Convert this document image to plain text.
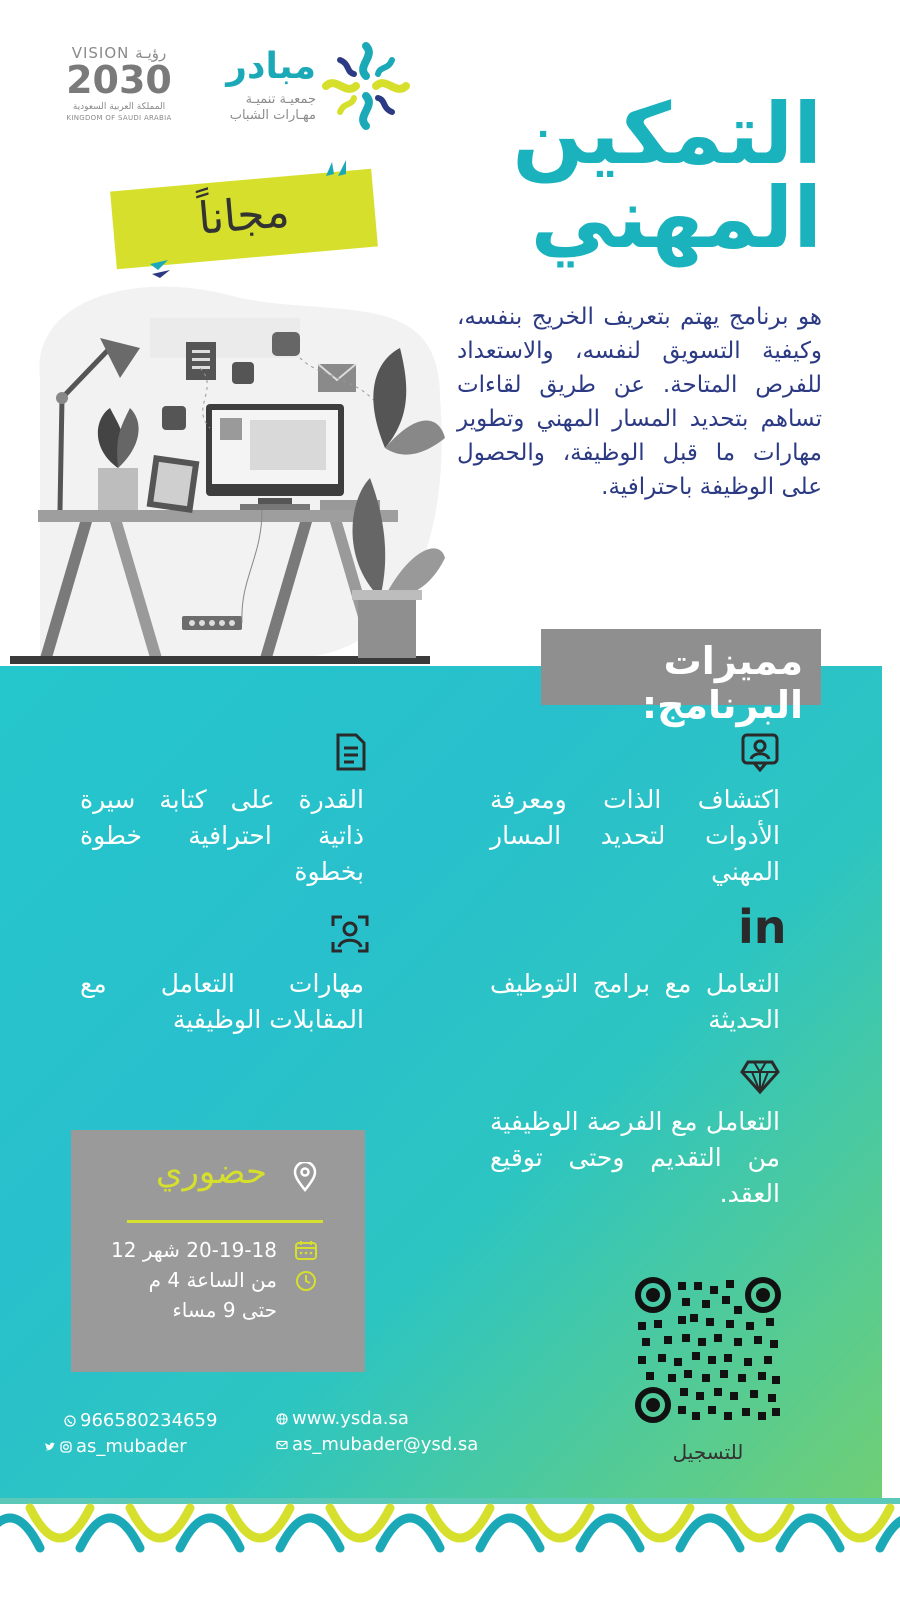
VISION رؤيـة
2030
المملكة العربية السعودية
KINGDOM OF SAUDI ARABIA
مبادر
جمعيـة تنميـة
مهـارات الشباب التمكين
المهني
مجاناً
هو برنامج يهتم بتعريف الخريج بنفسه، وكيفية التسويق لنفسه، والاستعداد للفرص المتاحة. عن طريق لقاءات تساهم بتحديد المسار المهني وتطوير مهارات ما قبل الوظيفة، والحصول على الوظيفة باحترافية.
مميزات البرنامج:
اكتشاف الذات ومعرفة الأدوات لتحديد المسار المهني
القدرة على كتابة سيرة ذاتية احترافية خطوة بخطوة
in
التعامل مع برامج التوظيف الحديثة
مهارات التعامل مع المقابلات الوظيفية
التعامل مع الفرصة الوظيفية من التقديم وحتى توقيع العقد.
حضوري
20-19-18 شهر 12
من الساعة 4 م
حتى 9 مساء
للتسجيل
966580234659
as_mubader
www.ysda.sa
as_mubader@ysd.sa
